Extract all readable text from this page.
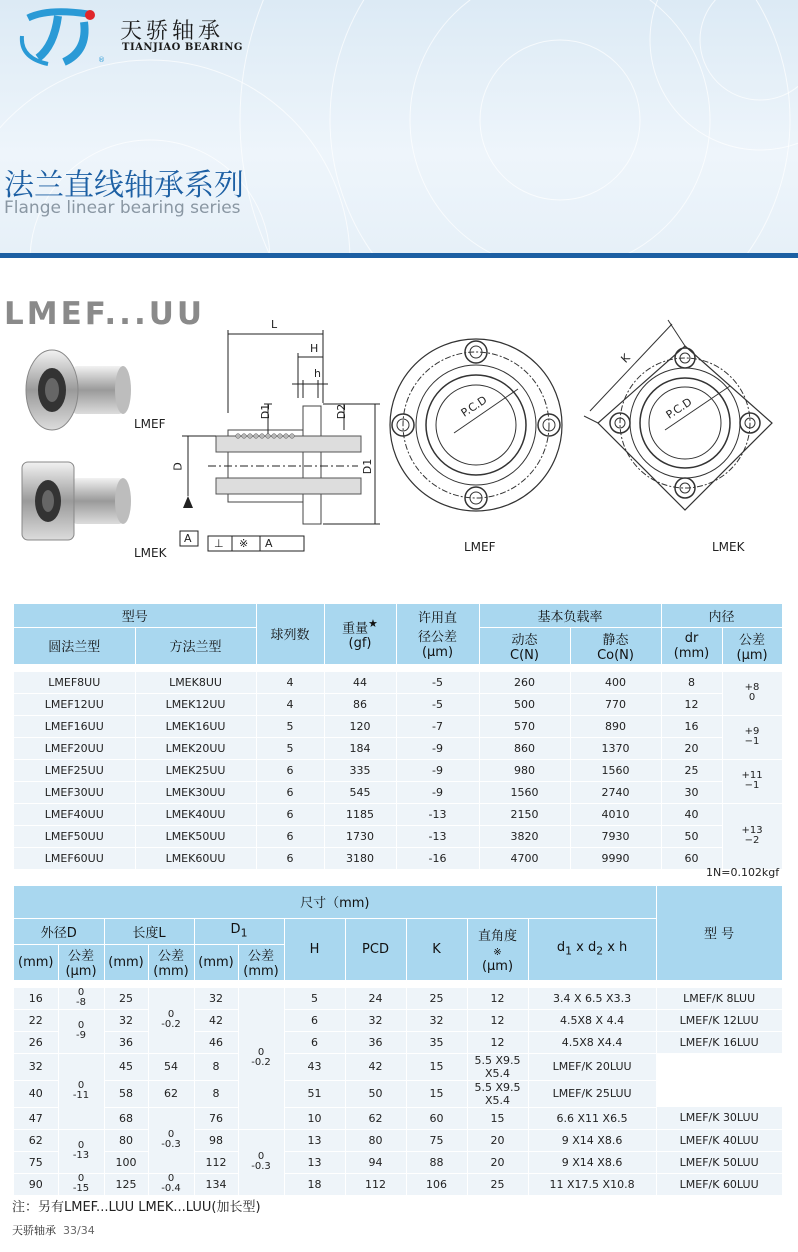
®
天骄轴承
TIANJIAO BEARING
法兰直线轴承系列
Flange linear bearing series
LMEF...UU
LMEF
LMEK
L
H
h
D1	D2
D	D1
A ⊥ ※ A
P.C.D
LMEF
K
P.C.D
LMEK
型号		球列数	重量★
(gf)	许用直
径公差
(μm)	基本负载率		内径	
圆法兰型	方法兰型				动态
C(N)	静态
Co(N)	dr
(mm)	公差
(μm)

LMEF8UU	LMEK8UU	4	44	-5	260	400	8	+8
0
LMEF12UU	LMEK12UU	4	86	-5	500	770	12	
LMEF16UU	LMEK16UU	5	120	-7	570	890	16	+9
−1
LMEF20UU	LMEK20UU	5	184	-9	860	1370	20	
LMEF25UU	LMEK25UU	6	335	-9	980	1560	25	+11
−1
LMEF30UU	LMEK30UU	6	545	-9	1560	2740	30	
LMEF40UU	LMEK40UU	6	1185	-13	2150	4010	40	+13
−2
LMEF50UU	LMEK50UU	6	1730	-13	3820	7930	50	
LMEF60UU	LMEK60UU	6	3180	-16	4700	9990	60	
1N=0.102kgf
尺寸（mm)											型 号
外径D		长度L		$D_1$		H	PCD	K	直角度
※
(μm)	$d_1$ x $d_2$ x h	
(mm)	公差
(μm)	(mm)	公差
(mm)	(mm)	公差
(mm)						

16	0
-8	25	0
-0.2	32	0
-0.2	5	24	25	12	3.4 X 6.5 X3.3	LMEF/K 8LUU
22	0
-9	32		42		6	32	32	12	4.5X8 X 4.4	LMEF/K 12LUU
26		36		46		6	36	35	12	4.5X8 X4.4	LMEF/K 16LUU
32	0
-11	45	54	8		43	42	15	5.5 X9.5 X5.4	LMEF/K 20LUU	
40		58	62	8		51	50	15	5.5 X9.5 X5.4	LMEF/K 25LUU	
47		68	0
-0.3	76		10	62	60	15	6.6 X11 X6.5	LMEF/K 30LUU
62	0
-13	80		98	0
-0.3	13	80	75	20	9 X14 X8.6	LMEF/K 40LUU
75		100		112		13	94	88	20	9 X14 X8.6	LMEF/K 50LUU
90	0
-15	125	0
-0.4	134		18	112	106	25	11 X17.5 X10.8	LMEF/K 60LUU
注：另有LMEF...LUU LMEK...LUU(加长型)
天骄轴承 33/34
